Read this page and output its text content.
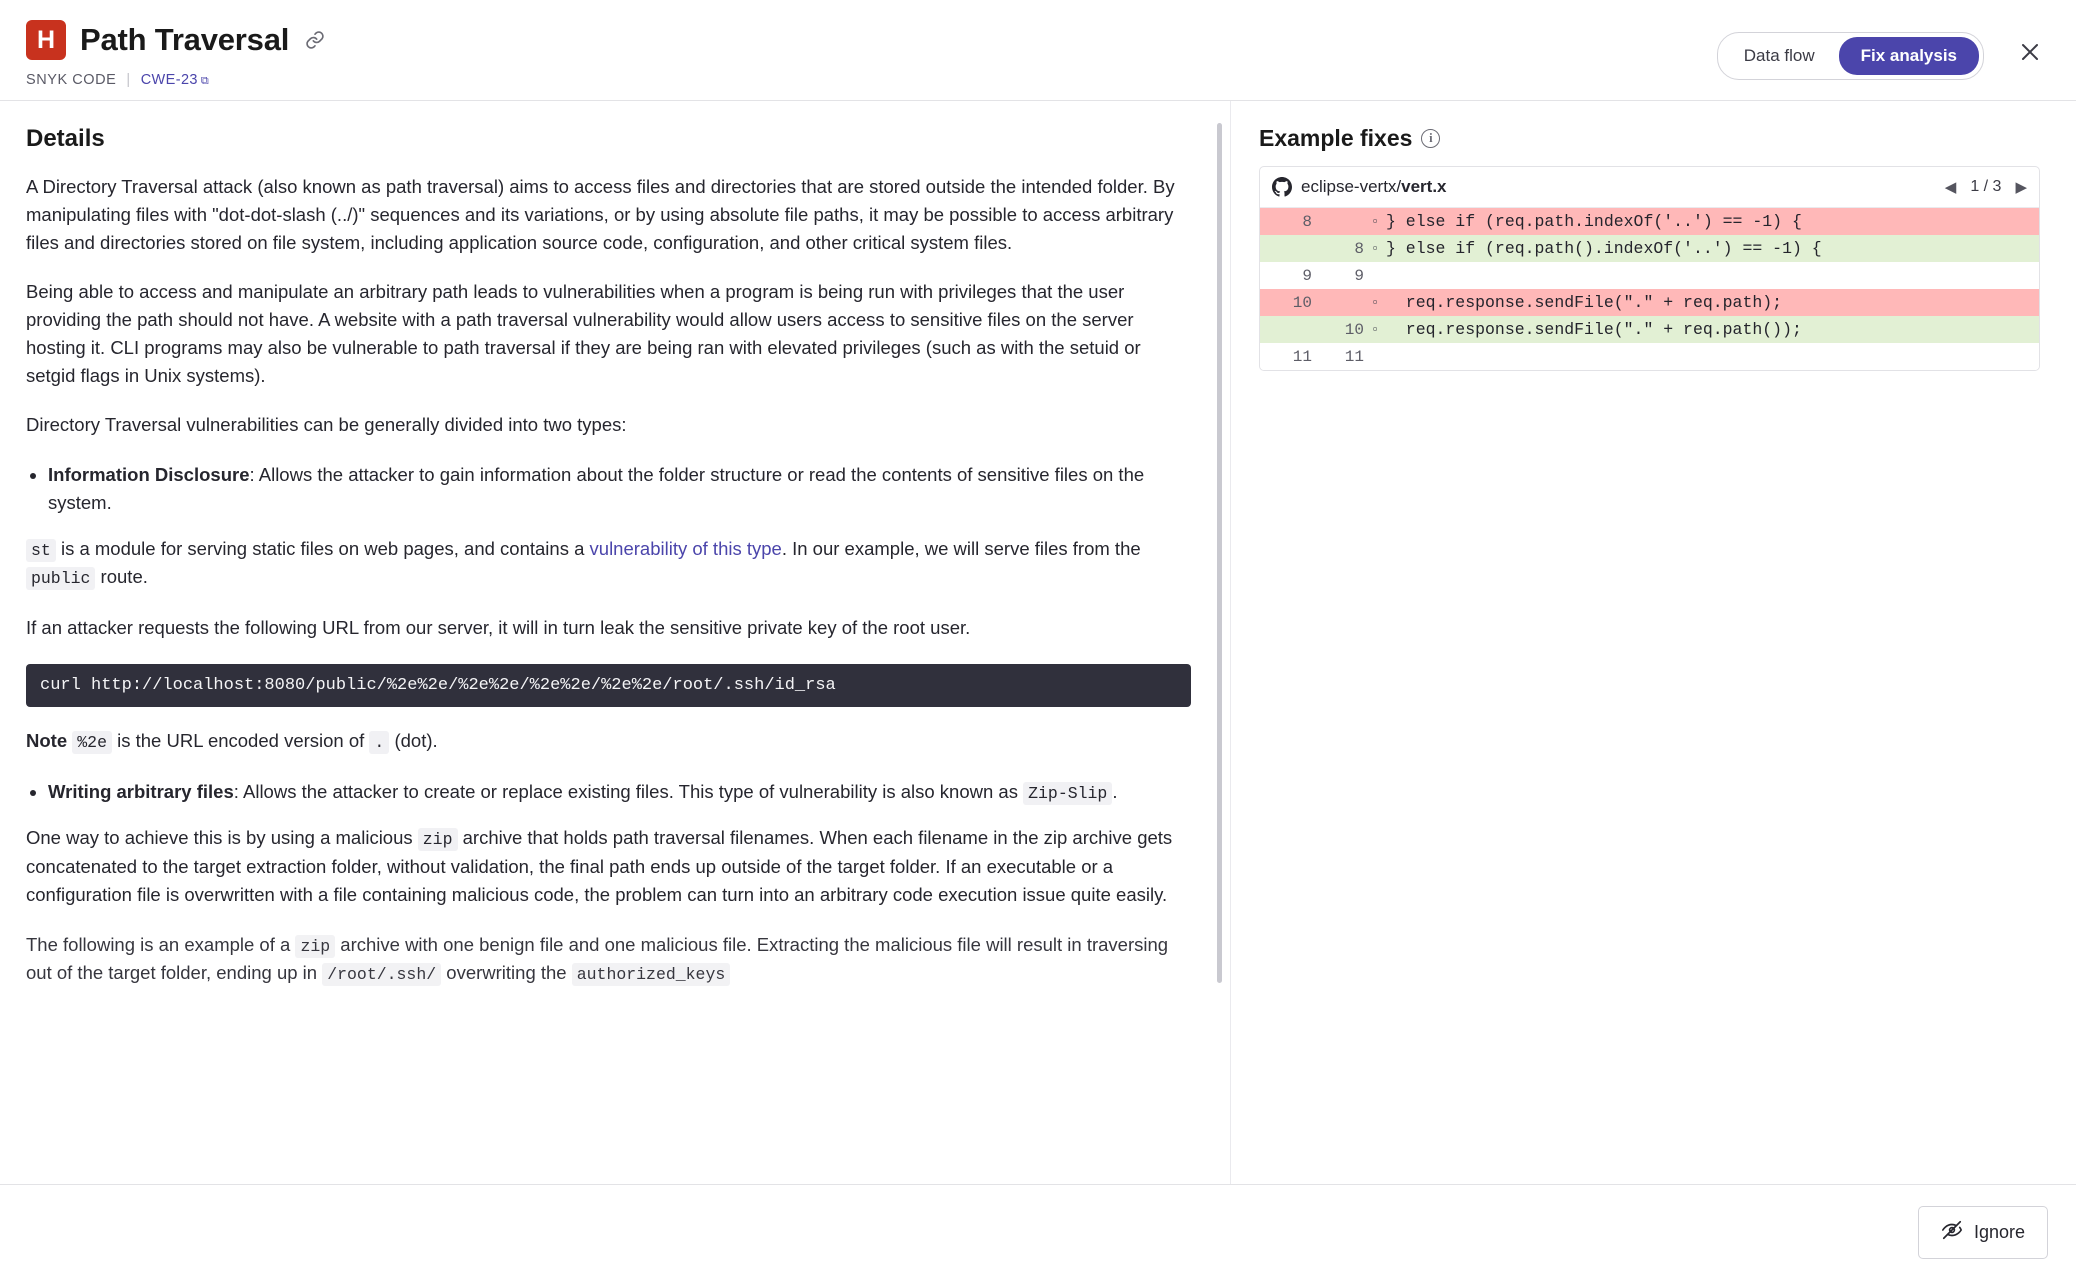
H Path Traversal
SNYK CODE | CWE-23 ⧉
Data flow	Fix analysis
Details

A Directory Traversal attack (also known as path traversal) aims to access files and directories that are stored outside the intended folder. By manipulating files with "dot-dot-slash (../)" sequences and its variations, or by using absolute file paths, it may be possible to access arbitrary files and directories stored on file system, including application source code, configuration, and other critical system files.

Being able to access and manipulate an arbitrary path leads to vulnerabilities when a program is being run with privileges that the user providing the path should not have. A website with a path traversal vulnerability would allow users access to sensitive files on the server hosting it. CLI programs may also be vulnerable to path traversal if they are being ran with elevated privileges (such as with the setuid or setgid flags in Unix systems).

Directory Traversal vulnerabilities can be generally divided into two types:

• Information Disclosure: Allows the attacker to gain information about the folder structure or read the contents of sensitive files on the system.

st is a module for serving static files on web pages, and contains a vulnerability of this type. In our example, we will serve files from the public route.

If an attacker requests the following URL from our server, it will in turn leak the sensitive private key of the root user.

curl http://localhost:8080/public/%2e%2e/%2e%2e/%2e%2e/%2e%2e/root/.ssh/id_rsa

Note %2e is the URL encoded version of . (dot).

• Writing arbitrary files: Allows the attacker to create or replace existing files. This type of vulnerability is also known as Zip-Slip .

One way to achieve this is by using a malicious zip archive that holds path traversal filenames. When each filename in the zip archive gets concatenated to the target extraction folder, without validation, the final path ends up outside of the target folder. If an executable or a configuration file is overwritten with a file containing malicious code, the problem can turn into an arbitrary code execution issue quite easily.

The following is an example of a zip archive with one benign file and one malicious file. Extracting the malicious file will result in traversing out of the target folder, ending up in /root/.ssh/ overwriting the authorized_keys

Example fixes	i
eclipse-vertx/vert.x	◀ 1 / 3 ▶
8		▫	} else if (req.path.indexOf('..') == -1) {
	8	▫	} else if (req.path().indexOf('..') == -1) {
9	9		
10		▫	req.response.sendFile("." + req.path);
	10	▫	req.response.sendFile("." + req.path());
11	11		
Ignore
